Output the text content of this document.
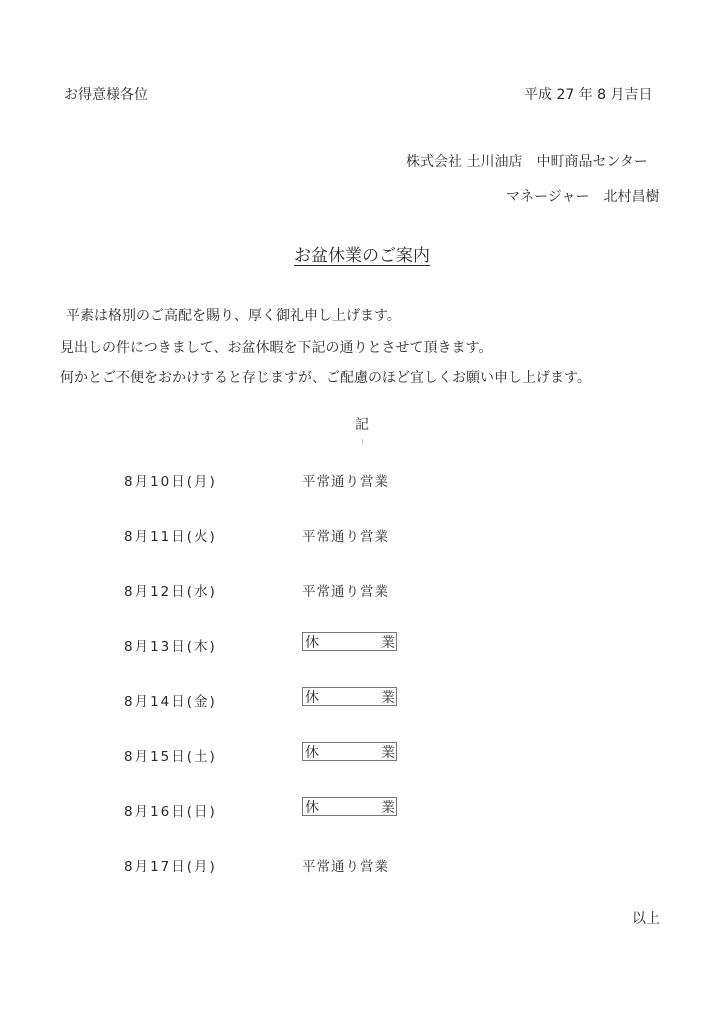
お得意様各位	平成 27 年 8 月吉日
株式会社 土川油店　中町商品センター
マネージャー　北村昌樹
お盆休業のご案内
平素は格別のご高配を賜り、厚く御礼申し上げます。
見出しの件につきまして、お盆休暇を下記の通りとさせて頂きます。
何かとご不便をおかけすると存じますが、ご配慮のほど宜しくお願い申し上げます。
記
8月10日(月)	平常通り営業
8月11日(火)	平常通り営業
8月12日(水)	平常通り営業
8月13日(木)	休	業
8月14日(金)	休	業
8月15日(土)	休	業
8月16日(日)	休	業
8月17日(月)	平常通り営業
以上
